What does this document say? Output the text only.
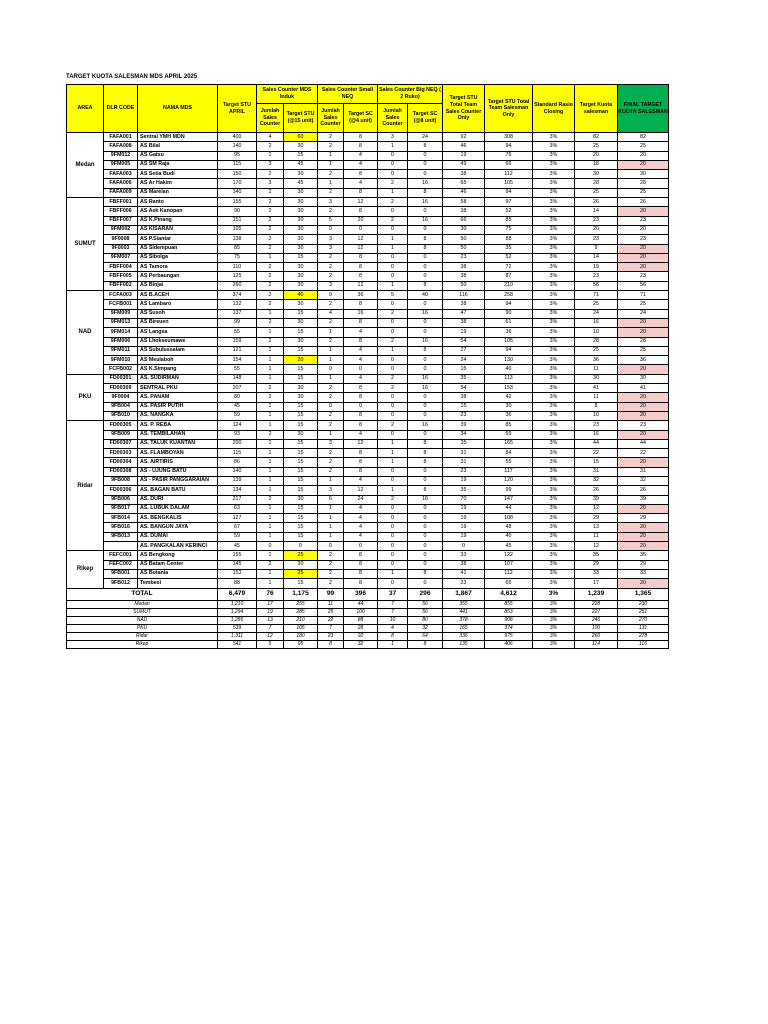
TARGET KUOTA SALESMAN MDS APRIL 2025
AREA	DLR CODE	NAMA MDS	Target STU APRIL	Sales Counter MDS Induk		Sales Counter Small NEQ		Sales Counter Big NEQ ( 2 Ruko)		Target STU Total Team Sales Counter Only	Target STU Total Team Salesman Only	Standard Rasio Closing	Target Kuota salesman	FINAL TARGET KUOTA SALESMAN
				Jumlah Sales Counter	Target STU (@15 unit)	Jumlah Sales Counter	Target SC (@4 unit)	Jumlah Sales Counter	Target SC (@8 unit)					
Medan	FAFA001	Sentral YMH MDN	400	4	60	2	8	3	24	92	308	3%	82	82
	FAFA008	AS Bilal	140	2	30	2	8	1	8	46	94	3%	25	25
	9FM012	AS Gatsu	95	1	15	1	4	0	0	19	76	3%	20	20
	9FM005	AS SM Raja	115	3	45	1	4	0	0	49	66	3%	18	20
	FAFA003	AS Setia Budi	150	2	30	2	8	0	0	38	112	3%	30	30
	FAFA006	AS Ar Hakim	170	3	45	1	4	2	16	65	105	3%	28	28
	FAFA009	AS Marelan	140	2	30	2	8	1	8	46	94	3%	25	25
SUMUT	FBFF001	AS Ranto	155	2	30	3	12	2	16	58	97	3%	26	26
	FBFF006	AS Aek Kanopan	90	2	30	2	8	0	0	38	52	3%	14	20
	FBFF007	AS K.Pinang	151	2	30	5	20	2	16	66	85	3%	23	23
	9FM002	AS KISARAN	105	2	30	0	0	0	0	30	75	3%	20	20
	9F0008	AS P.Siantar	138	2	30	3	12	1	8	50	88	3%	23	23
	9F0003	AS Sidempuan	85	2	30	3	12	1	8	50	35	3%	9	20
	9FM007	AS Sibolga	75	1	15	2	8	0	0	23	52	3%	14	20
	FBFF004	AS Tamora	110	2	30	2	8	0	0	38	72	3%	19	20
	FBFF005	AS Perbaungan	125	2	30	2	8	0	0	38	87	3%	23	23
	FBFF002	AS Binjai	260	2	30	3	12	1	8	50	210	3%	56	56
NAD	FCFA003	AS B.ACEH	374	2	40	9	36	5	40	116	258	3%	71	71
	FCFB001	AS Lambaro	132	2	30	2	8	0	0	38	94	3%	25	25
	9FM009	AS Susoh	137	1	15	4	16	2	16	47	90	3%	24	24
	9FM013	AS Bireuen	99	2	30	2	8	0	0	38	61	3%	16	20
	9FM014	AS Langsa	55	1	15	1	4	0	0	19	36	3%	10	20
	9FM006	AS Lhokseumawe	159	2	30	2	8	2	16	54	105	3%	28	28
	9FM011	AS Subulussalam	121	1	15	1	4	1	8	27	94	3%	25	25
	9FM010	AS Meulaboh	154	1	20	1	4	0	0	24	130	3%	36	36
	FCFB002	AS K.Simpang	55	1	15	0	0	0	0	15	40	3%	11	20
PKU	FD00301	AS. SUDIRMAN	148	1	15	1	4	2	16	35	113	3%	30	30
	FD00309	SENTRAL PKU	207	2	30	2	8	2	16	54	153	3%	41	41
	9F0004	AS. PANAM	80	2	30	2	8	0	0	38	42	3%	11	20
	9FB004	AS. PASIR PUTIH	45	1	15	0	0	0	0	15	30	3%	8	20
	9FB010	AS. NANGKA	59	1	15	2	8	0	0	23	36	3%	10	20
Ridar	FD00305	AS. P. REBA	124	1	15	2	8	2	16	39	85	3%	23	23
	9FB009	AS. TEMBILAHAN	93	2	30	1	4	0	0	34	59	3%	16	20
	FD00307	AS. TALUK KUANTAN	200	1	15	3	12	1	8	35	165	3%	44	44
	FD00303	AS. FLAMBOYAN	115	1	15	2	8	1	8	31	84	3%	22	22
	FD00304	AS. AIRTIRIS	86	1	15	2	8	1	8	31	55	3%	15	20
	FD00308	AS - UJUNG BATU	140	1	15	2	8	0	0	23	117	3%	31	31
	9FB008	AS - PASIR PANGGARAIAN	139	1	15	1	4	0	0	19	120	3%	32	32
	FD00306	AS. BAGAN BATU	134	1	15	3	12	1	8	35	99	3%	26	26
	9FB006	AS. DURI	217	2	30	6	24	2	16	70	147	3%	39	39
	9FB017	AS. LUBUK DALAM	63	1	15	1	4	0	0	19	44	3%	12	20
	9FB014	AS. BENGKALIS	127	1	15	1	4	0	0	19	108	3%	29	29
	9FB016	AS. BANGUN JAYA	67	1	15	1	4	0	0	19	48	3%	13	20
	9FB013	AS. DUMAI	59	1	15	1	4	0	0	19	40	3%	11	20
		AS. PANGKALAN KERINCI	45	0	0	0	0	0	0	0	45	3%	12	20
Rikep	FEFC001	AS Bengkong	155	1	25	2	8	0	0	33	122	3%	35	35
	FEFC002	AS Batam Center	145	2	30	2	8	0	0	38	107	3%	29	29
	9FB001	AS Botania	153	1	25	2	8	1	8	41	112	3%	33	33
	9FB012	Tembesi	88	1	15	2	8	0	0	23	65	3%	17	20
TOTAL			6,479	76	1,175	99	396	37	296	1,867	4,612	3%	1,239	1,365
Medan			1,210	17	255	11	44	7	56	355	855	3%	228	230
SUMUT			1,294	19	285	25	100	7	56	441	853	3%	227	251
NAD			1,286	13	210	22	88	10	80	378	908	3%	246	270
PKU			539	7	105	7	28	4	32	165	374	3%	100	131
Ridar			1,311	12	180	23	92	8	64	336	975	3%	260	278
Rikep			541	5	95	8	32	1	8	135	406	3%	114	116
